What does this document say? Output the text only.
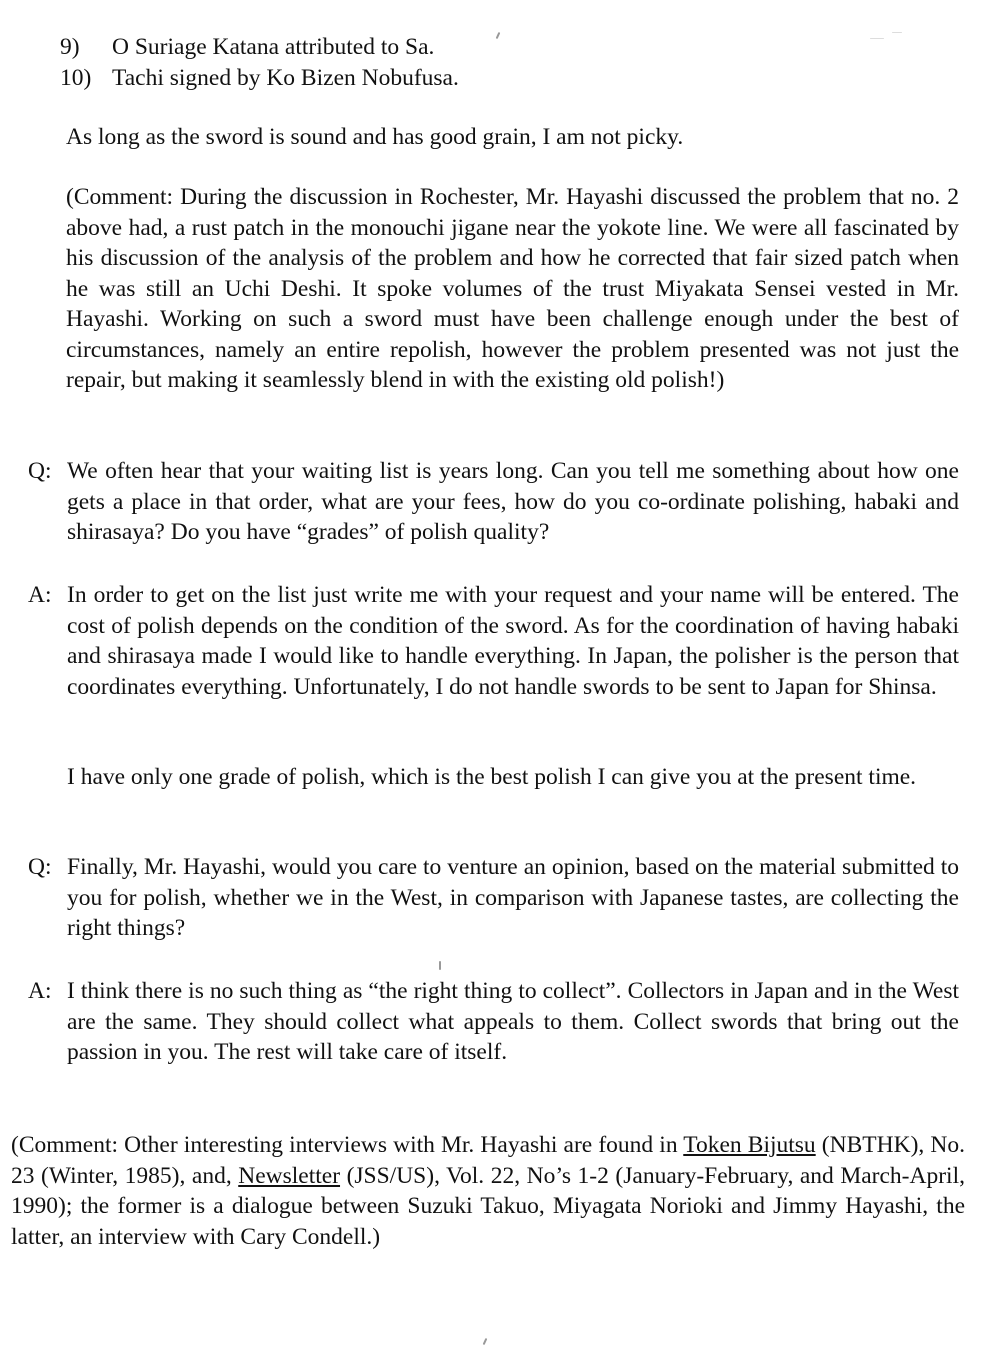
9) O Suriage Katana attributed to Sa.
10) Tachi signed by Ko Bizen Nobufusa.
As long as the sword is sound and has good grain, I am not picky.
(Comment: During the discussion in Rochester, Mr. Hayashi discussed the problem that no. 2 above had, a rust patch in the monouchi jigane near the yokote line. We were all fascinated by his discussion of the analysis of the problem and how he corrected that fair sized patch when he was still an Uchi Deshi. It spoke volumes of the trust Miyakata Sensei vested in Mr. Hayashi. Working on such a sword must have been challenge enough under the best of circumstances, namely an entire repolish, however the problem presented was not just the repair, but making it seamlessly blend in with the existing old polish!)
Q: We often hear that your waiting list is years long. Can you tell me something about how one gets a place in that order, what are your fees, how do you co-ordinate polishing, habaki and shirasaya? Do you have “grades” of polish quality?
A: In order to get on the list just write me with your request and your name will be entered. The cost of polish depends on the condition of the sword. As for the coordination of having habaki and shirasaya made I would like to handle everything. In Japan, the polisher is the person that coordinates everything. Unfortunately, I do not handle swords to be sent to Japan for Shinsa.
I have only one grade of polish, which is the best polish I can give you at the present time.
Q: Finally, Mr. Hayashi, would you care to venture an opinion, based on the material submitted to you for polish, whether we in the West, in comparison with Japanese tastes, are collecting the right things?
A: I think there is no such thing as “the right thing to collect”. Collectors in Japan and in the West are the same. They should collect what appeals to them. Collect swords that bring out the passion in you. The rest will take care of itself.
(Comment: Other interesting interviews with Mr. Hayashi are found in Token Bijutsu (NBTHK), No. 23 (Winter, 1985), and, Newsletter (JSS/US), Vol. 22, No’s 1-2 (January-February, and March-April, 1990); the former is a dialogue between Suzuki Takuo, Miyagata Norioki and Jimmy Hayashi, the latter, an interview with Cary Condell.)
